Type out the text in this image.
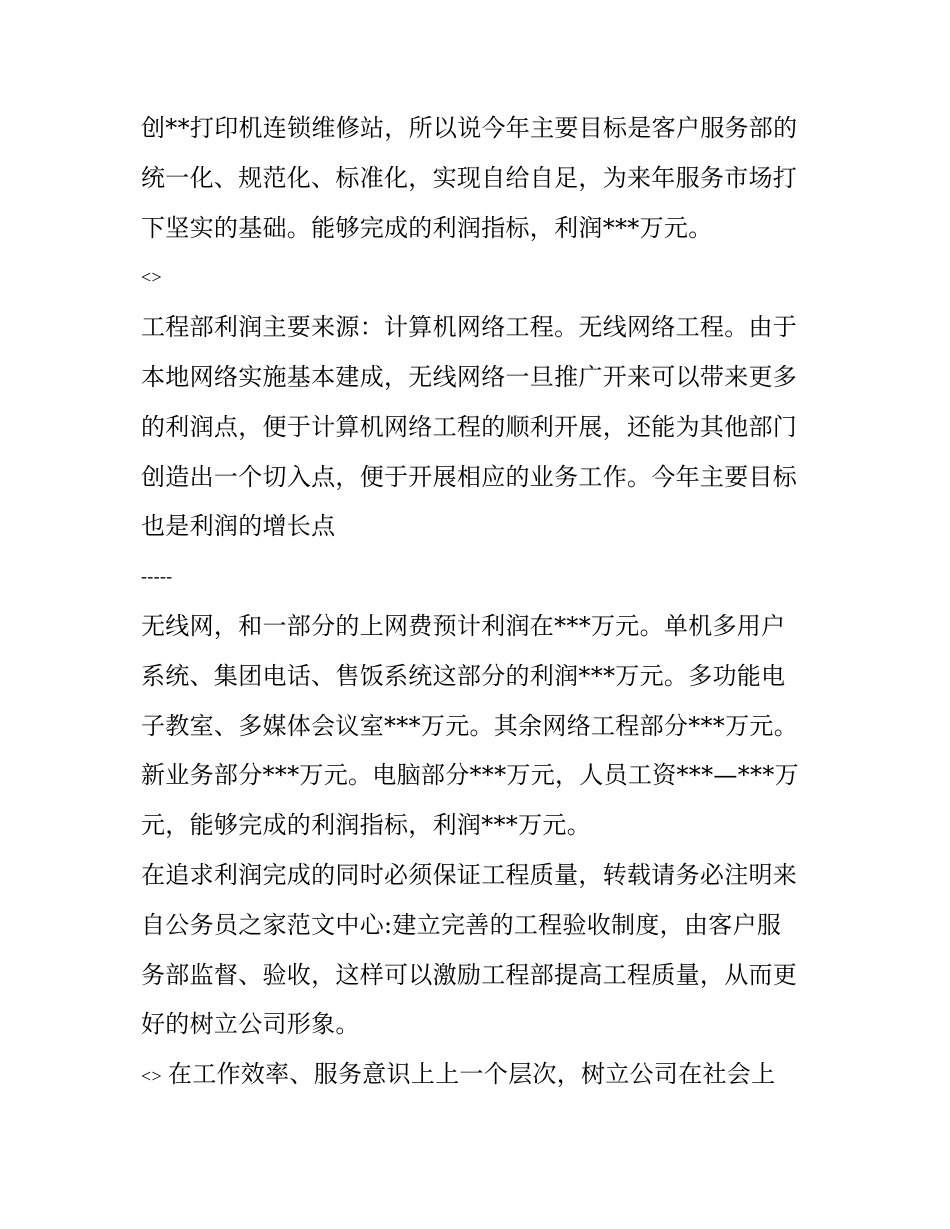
创**打印机连锁维修站，所以说今年主要目标是客户服务部的
统一化、规范化、标准化，实现自给自足，为来年服务市场打
下坚实的基础。能够完成的利润指标，利润***万元。
<>
工程部利润主要来源：计算机网络工程。无线网络工程。由于
本地网络实施基本建成，无线网络一旦推广开来可以带来更多
的利润点，便于计算机网络工程的顺利开展，还能为其他部门
创造出一个切入点，便于开展相应的业务工作。今年主要目标
也是利润的增长点
-----
无线网，和一部分的上网费预计利润在***万元。单机多用户
系统、集团电话、售饭系统这部分的利润***万元。多功能电
子教室、多媒体会议室***万元。其余网络工程部分***万元。
新业务部分***万元。电脑部分***万元，人员工资***—***万
元，能够完成的利润指标，利润***万元。
在追求利润完成的同时必须保证工程质量，转载请务必注明来
自公务员之家范文中心:建立完善的工程验收制度，由客户服
务部监督、验收，这样可以激励工程部提高工程质量，从而更
好的树立公司形象。
<> 在工作效率、服务意识上上一个层次，树立公司在社会上
